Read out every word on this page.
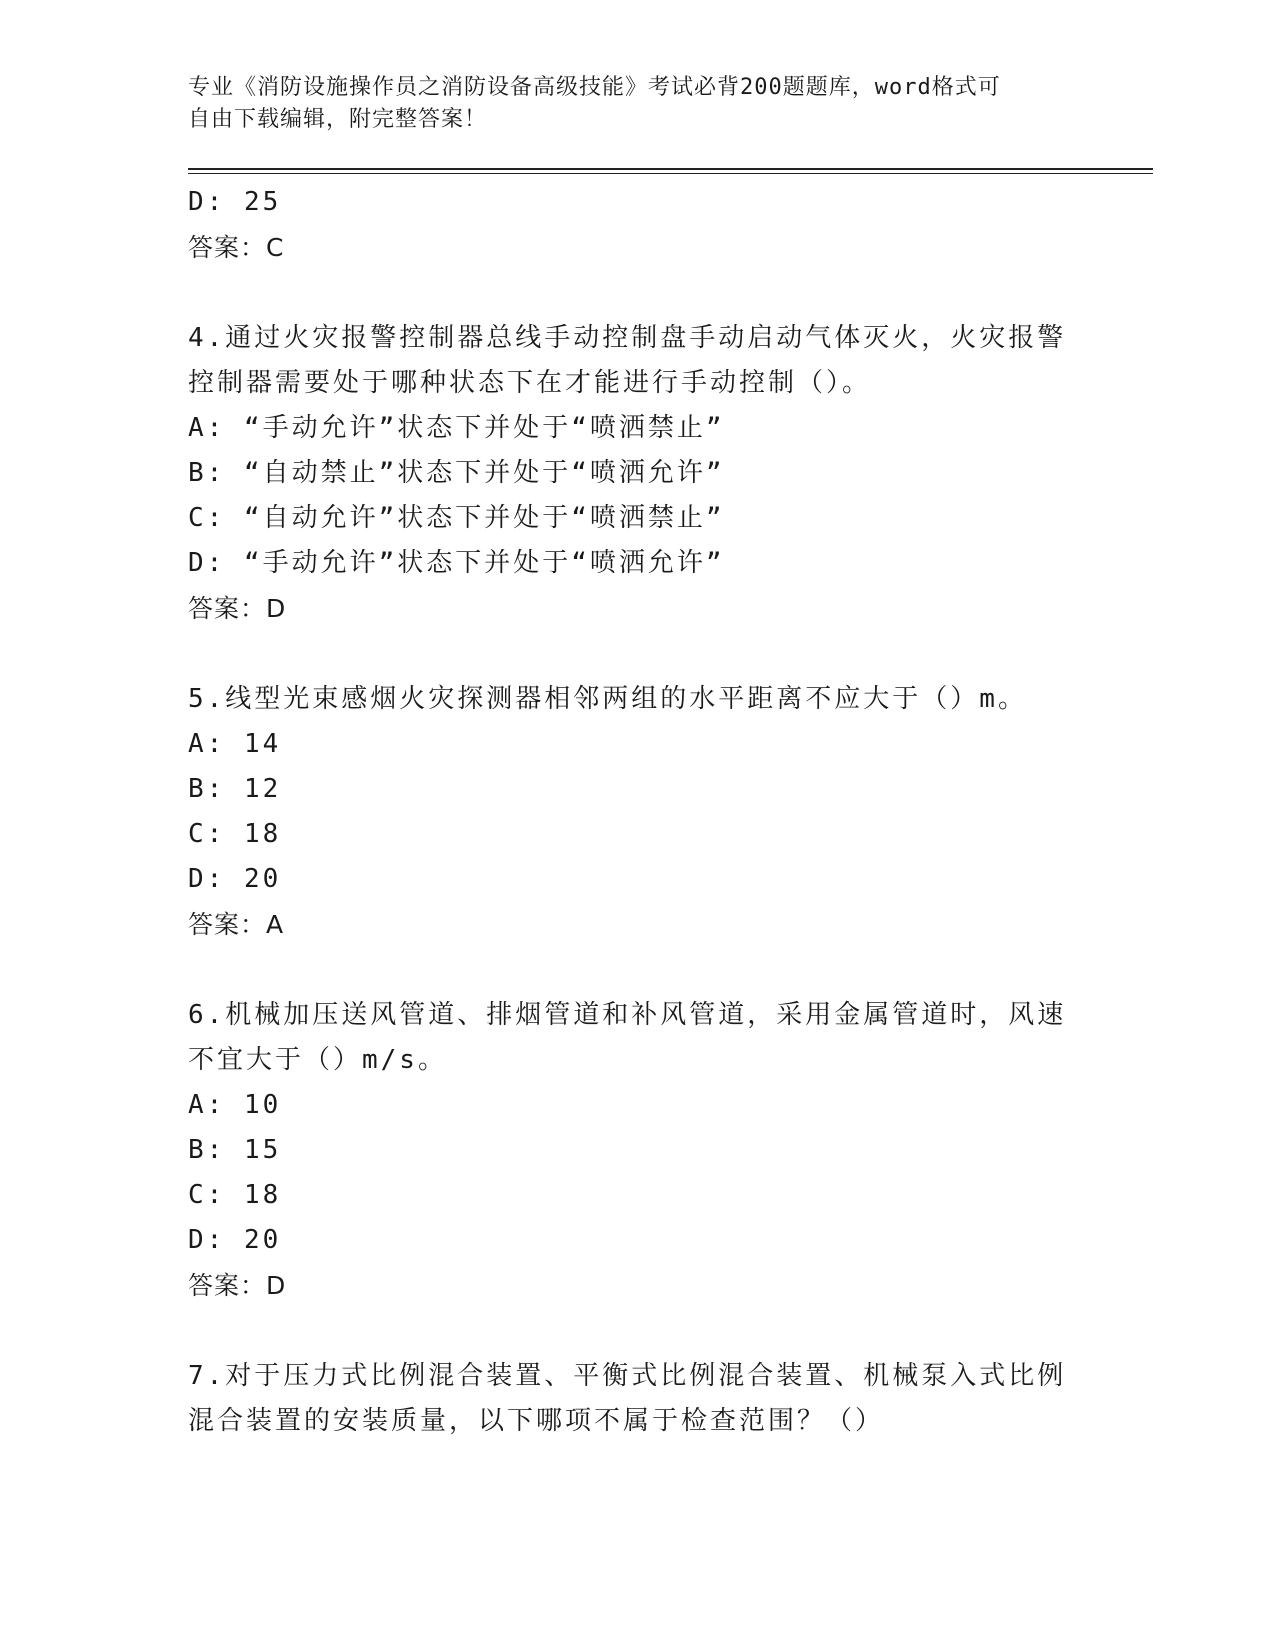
专业《消防设施操作员之消防设备高级技能》考试必背200题题库，word格式可
自由下载编辑，附完整答案！
D: 25
答案：C
4.通过火灾报警控制器总线手动控制盘手动启动气体灭火，火灾报警
控制器需要处于哪种状态下在才能进行手动控制（）。
A: “手动允许”状态下并处于“喷洒禁止”
B: “自动禁止”状态下并处于“喷洒允许”
C: “自动允许”状态下并处于“喷洒禁止”
D: “手动允许”状态下并处于“喷洒允许”
答案：D
5.线型光束感烟火灾探测器相邻两组的水平距离不应大于（）m。
A: 14
B: 12
C: 18
D: 20
答案：A
6.机械加压送风管道、排烟管道和补风管道，采用金属管道时，风速
不宜大于（）m/s。
A: 10
B: 15
C: 18
D: 20
答案：D
7.对于压力式比例混合装置、平衡式比例混合装置、机械泵入式比例
混合装置的安装质量，以下哪项不属于检查范围？（）
